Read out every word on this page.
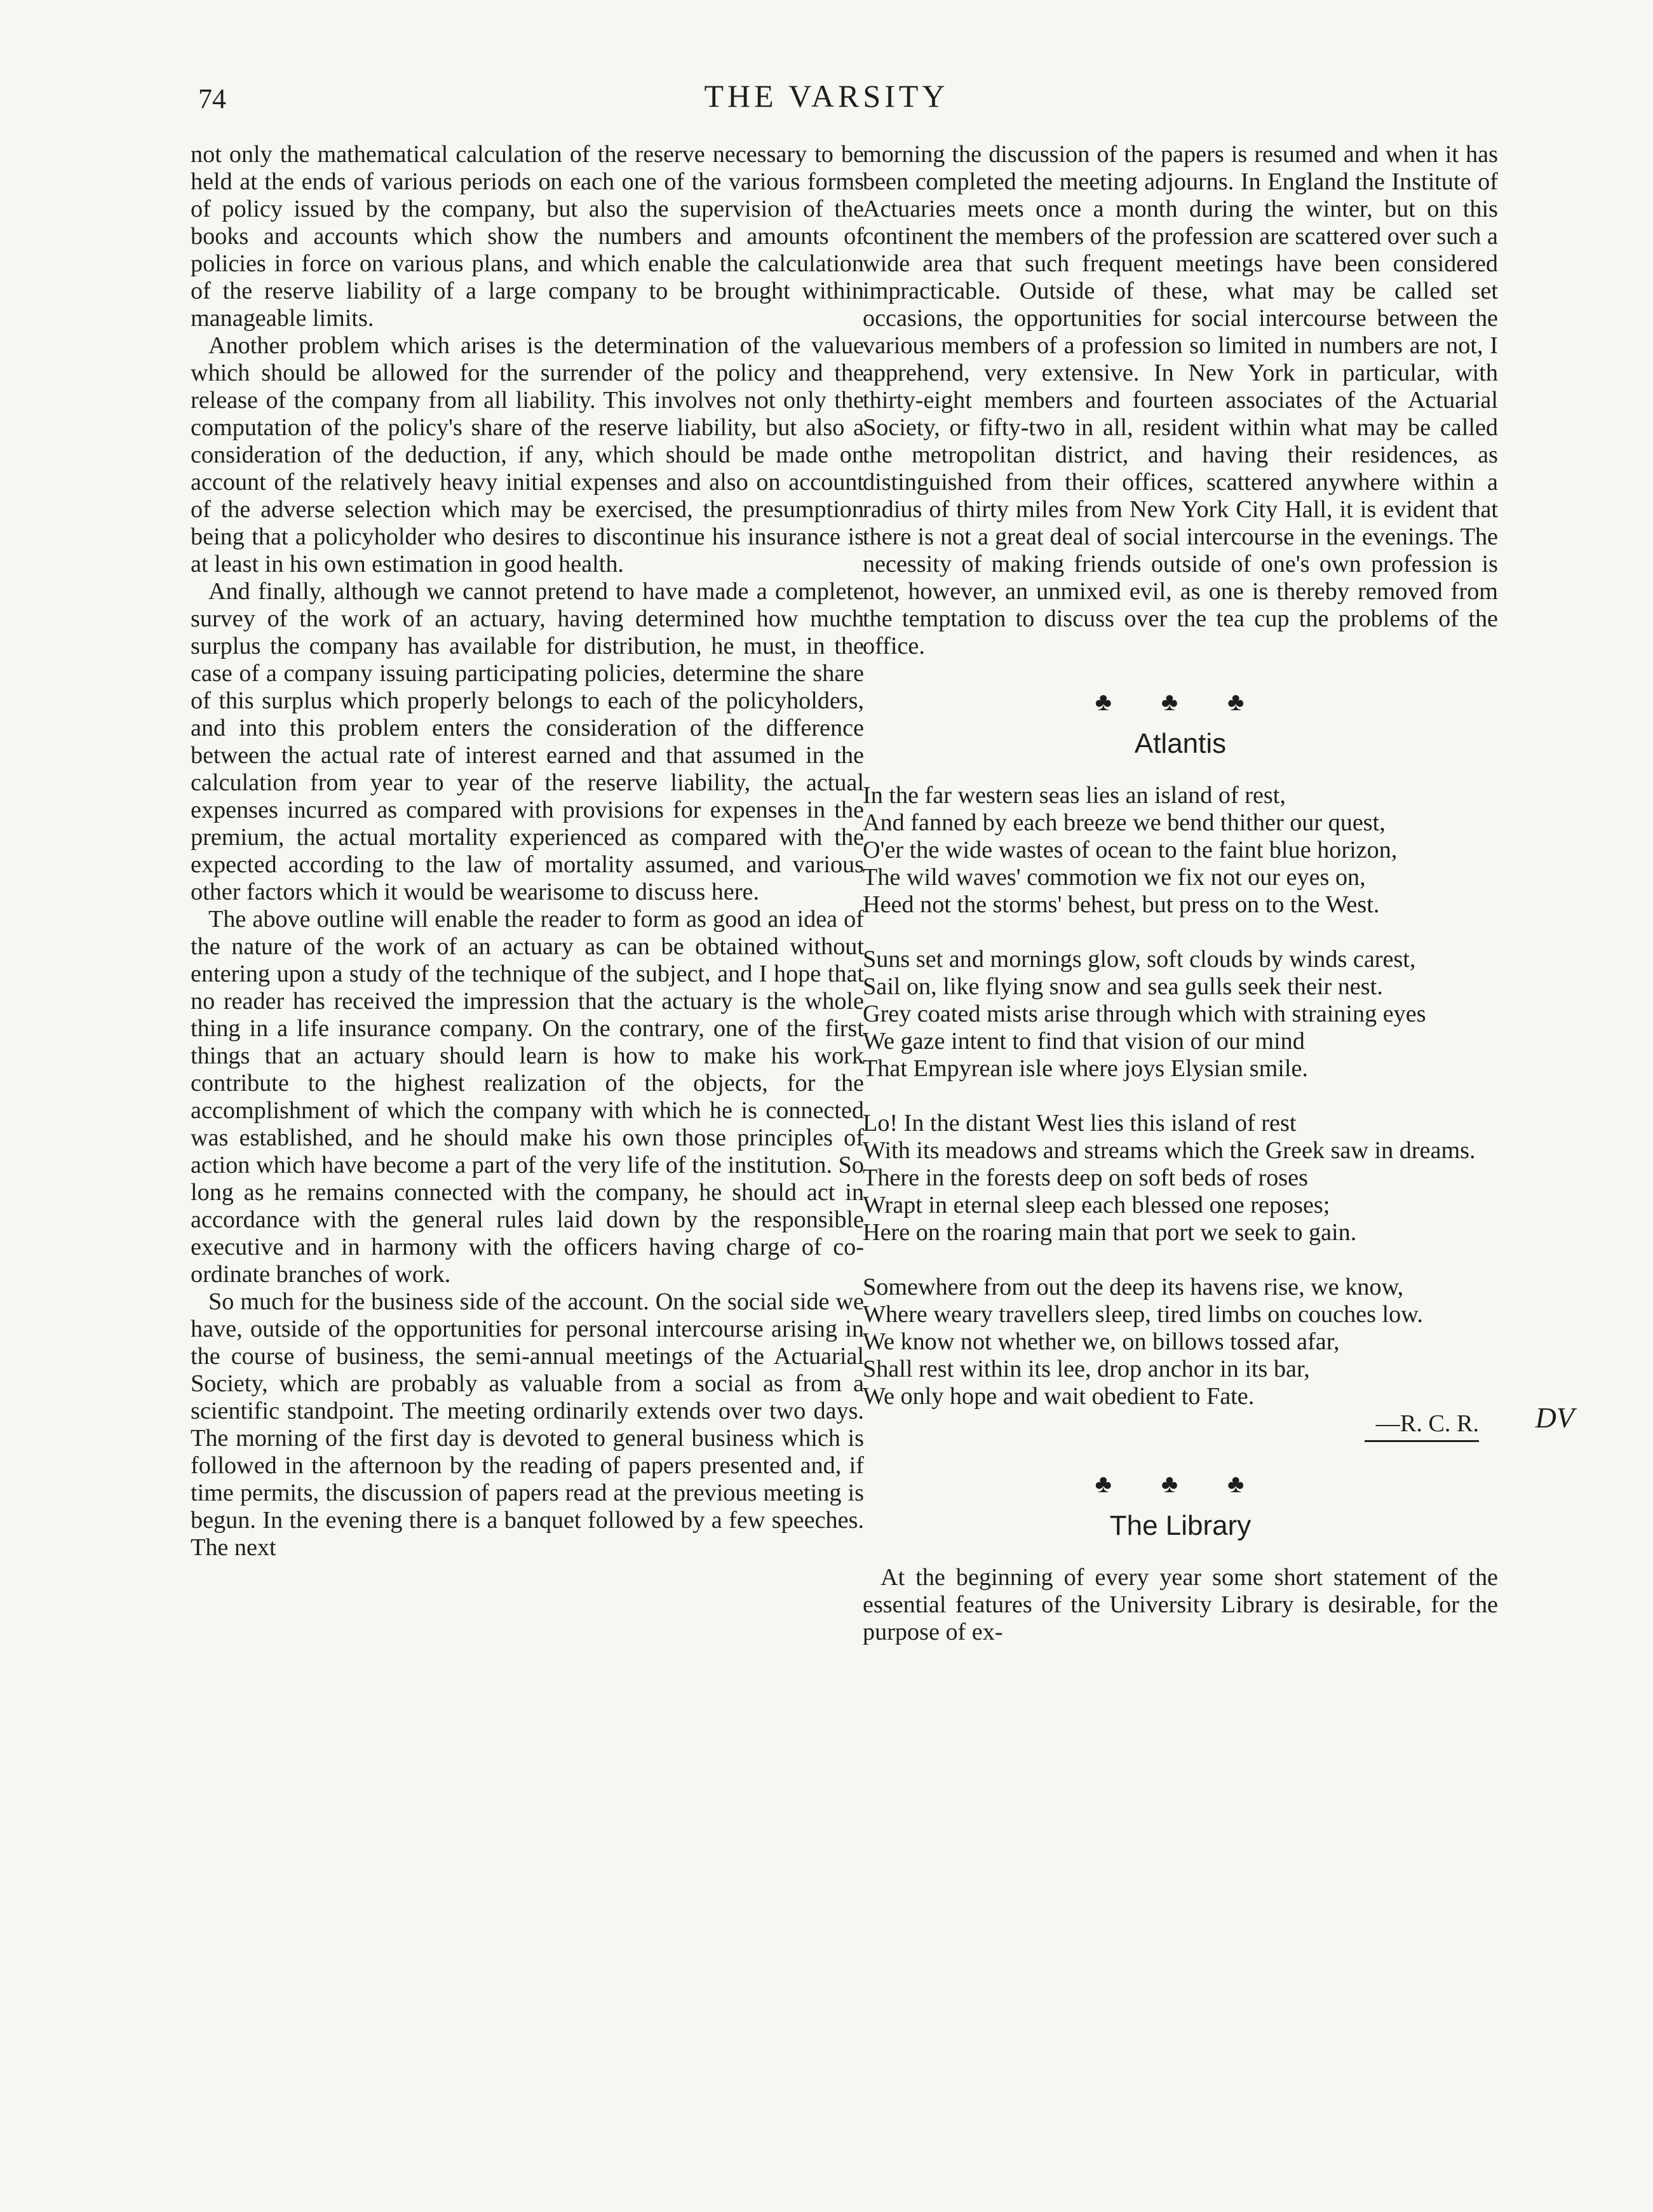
74	THE VARSITY

not only the mathematical calculation of the reserve necessary to be held at the ends of various periods on each one of the various forms of policy issued by the company, but also the supervision of the books and accounts which show the numbers and amounts of policies in force on various plans, and which enable the calculation of the reserve liability of a large company to be brought within manageable limits.

Another problem which arises is the determination of the value which should be allowed for the surrender of the policy and the release of the company from all liability. This involves not only the computation of the policy's share of the reserve liability, but also a consideration of the deduction, if any, which should be made on account of the relatively heavy initial expenses and also on account of the adverse selection which may be exercised, the presumption being that a policyholder who desires to discontinue his insurance is at least in his own estimation in good health.

And finally, although we cannot pretend to have made a complete survey of the work of an actuary, having determined how much surplus the company has available for distribution, he must, in the case of a company issuing participating policies, determine the share of this surplus which properly belongs to each of the policyholders, and into this problem enters the consideration of the difference between the actual rate of interest earned and that assumed in the calculation from year to year of the reserve liability, the actual expenses incurred as compared with provisions for expenses in the premium, the actual mortality experienced as compared with the expected according to the law of mortality assumed, and various other factors which it would be wearisome to discuss here.

The above outline will enable the reader to form as good an idea of the nature of the work of an actuary as can be obtained without entering upon a study of the technique of the subject, and I hope that no reader has received the impression that the actuary is the whole thing in a life insurance company. On the contrary, one of the first things that an actuary should learn is how to make his work contribute to the highest realization of the objects, for the accomplishment of which the company with which he is connected was established, and he should make his own those principles of action which have become a part of the very life of the institution. So long as he remains connected with the company, he should act in accordance with the general rules laid down by the responsible executive and in harmony with the officers having charge of co-ordinate branches of work.

So much for the business side of the account. On the social side we have, outside of the opportunities for personal intercourse arising in the course of business, the semi-annual meetings of the Actuarial Society, which are probably as valuable from a social as from a scientific standpoint. The meeting ordinarily extends over two days. The morning of the first day is devoted to general business which is followed in the afternoon by the reading of papers presented and, if time permits, the discussion of papers read at the previous meeting is begun. In the evening there is a banquet followed by a few speeches. The next

morning the discussion of the papers is resumed and when it has been completed the meeting adjourns. In England the Institute of Actuaries meets once a month during the winter, but on this continent the members of the profession are scattered over such a wide area that such frequent meetings have been considered impracticable. Outside of these, what may be called set occasions, the opportunities for social intercourse between the various members of a profession so limited in numbers are not, I apprehend, very extensive. In New York in particular, with thirty-eight members and fourteen associates of the Actuarial Society, or fifty-two in all, resident within what may be called the metropolitan district, and having their residences, as distinguished from their offices, scattered anywhere within a radius of thirty miles from New York City Hall, it is evident that there is not a great deal of social intercourse in the evenings. The necessity of making friends outside of one's own profession is not, however, an unmixed evil, as one is thereby removed from the temptation to discuss over the tea cup the problems of the office.

♣ ♣ ♣
Atlantis
In the far western seas lies an island of rest,
And fanned by each breeze we bend thither our quest,
O'er the wide wastes of ocean to the faint blue horizon,
The wild waves' commotion we fix not our eyes on,
Heed not the storms' behest, but press on to the West.
Suns set and mornings glow, soft clouds by winds carest,
Sail on, like flying snow and sea gulls seek their nest.
Grey coated mists arise through which with straining eyes
We gaze intent to find that vision of our mind
That Empyrean isle where joys Elysian smile.
Lo! In the distant West lies this island of rest
With its meadows and streams which the Greek saw in dreams.
There in the forests deep on soft beds of roses
Wrapt in eternal sleep each blessed one reposes;
Here on the roaring main that port we seek to gain.
Somewhere from out the deep its havens rise, we know,
Where weary travellers sleep, tired limbs on couches low.
We know not whether we, on billows tossed afar,
Shall rest within its lee, drop anchor in its bar,
We only hope and wait obedient to Fate.
—R. C. R. DV
♣ ♣ ♣
The Library

At the beginning of every year some short statement of the essential features of the University Library is desirable, for the purpose of ex-
